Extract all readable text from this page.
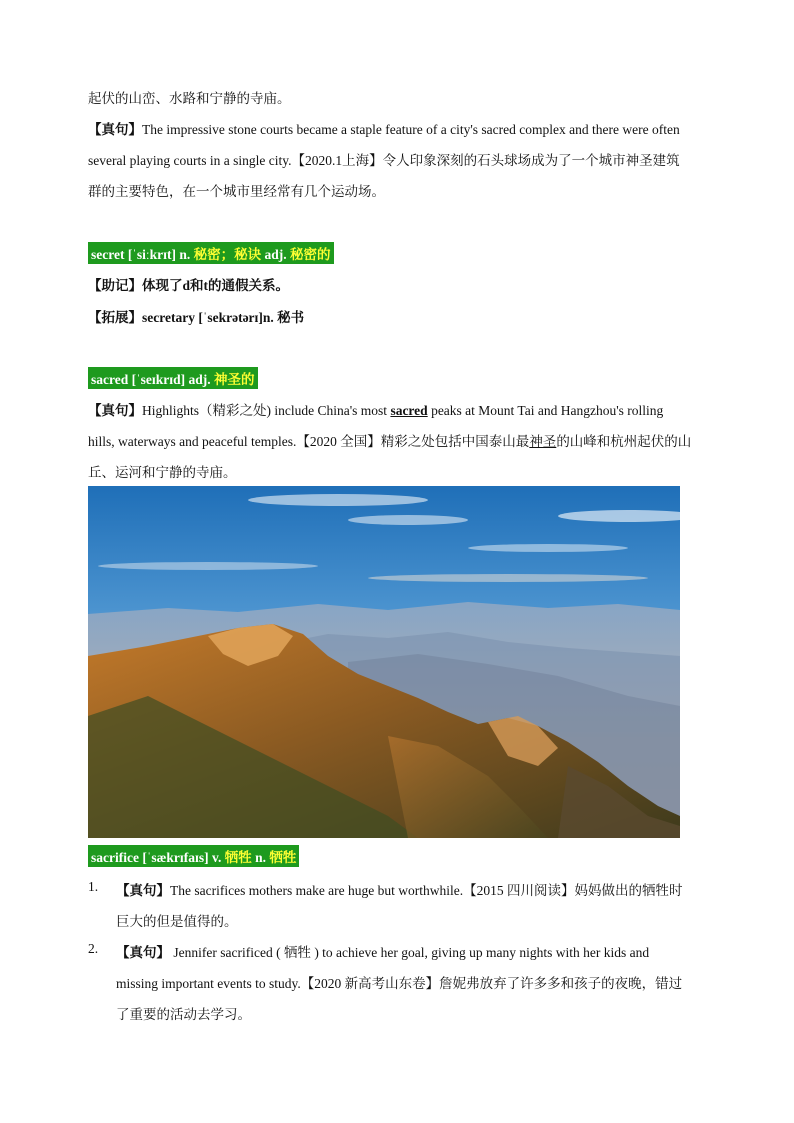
起伏的山峦、水路和宁静的寺庙。
【真句】The impressive stone courts became a staple feature of a city's sacred complex and there were often
several playing courts in a single city.【2020.1上海】令人印象深刻的石头球场成为了一个城市神圣建筑
群的主要特色，在一个城市里经常有几个运动场。
secret [ˈsiːkrɪt] n. 秘密；秘诀 adj. 秘密的
【助记】体现了d和t的通假关系。
【拓展】secretary [ˈsekrətərɪ]n. 秘书
sacred [ˈseɪkrɪd] adj. 神圣的
【真句】Highlights（精彩之处) include China's most sacred peaks at Mount Tai and Hangzhou's rolling
hills, waterways and peaceful temples.【2020 全国】精彩之处包括中国泰山最神圣的山峰和杭州起伏的山
丘、运河和宁静的寺庙。
sacrifice [ˈsækrɪfaɪs] v. 牺牲 n. 牺牲
1. 【真句】The sacrifices mothers make are huge but worthwhile.【2015 四川阅读】妈妈做出的牺牲时
巨大的但是值得的。
2. 【真句】 Jennifer sacrificed ( 牺牲 ) to achieve her goal, giving up many nights with her kids and
missing important events to study.【2020 新高考山东卷】詹妮弗放弃了许多多和孩子的夜晚，错过
了重要的活动去学习。
